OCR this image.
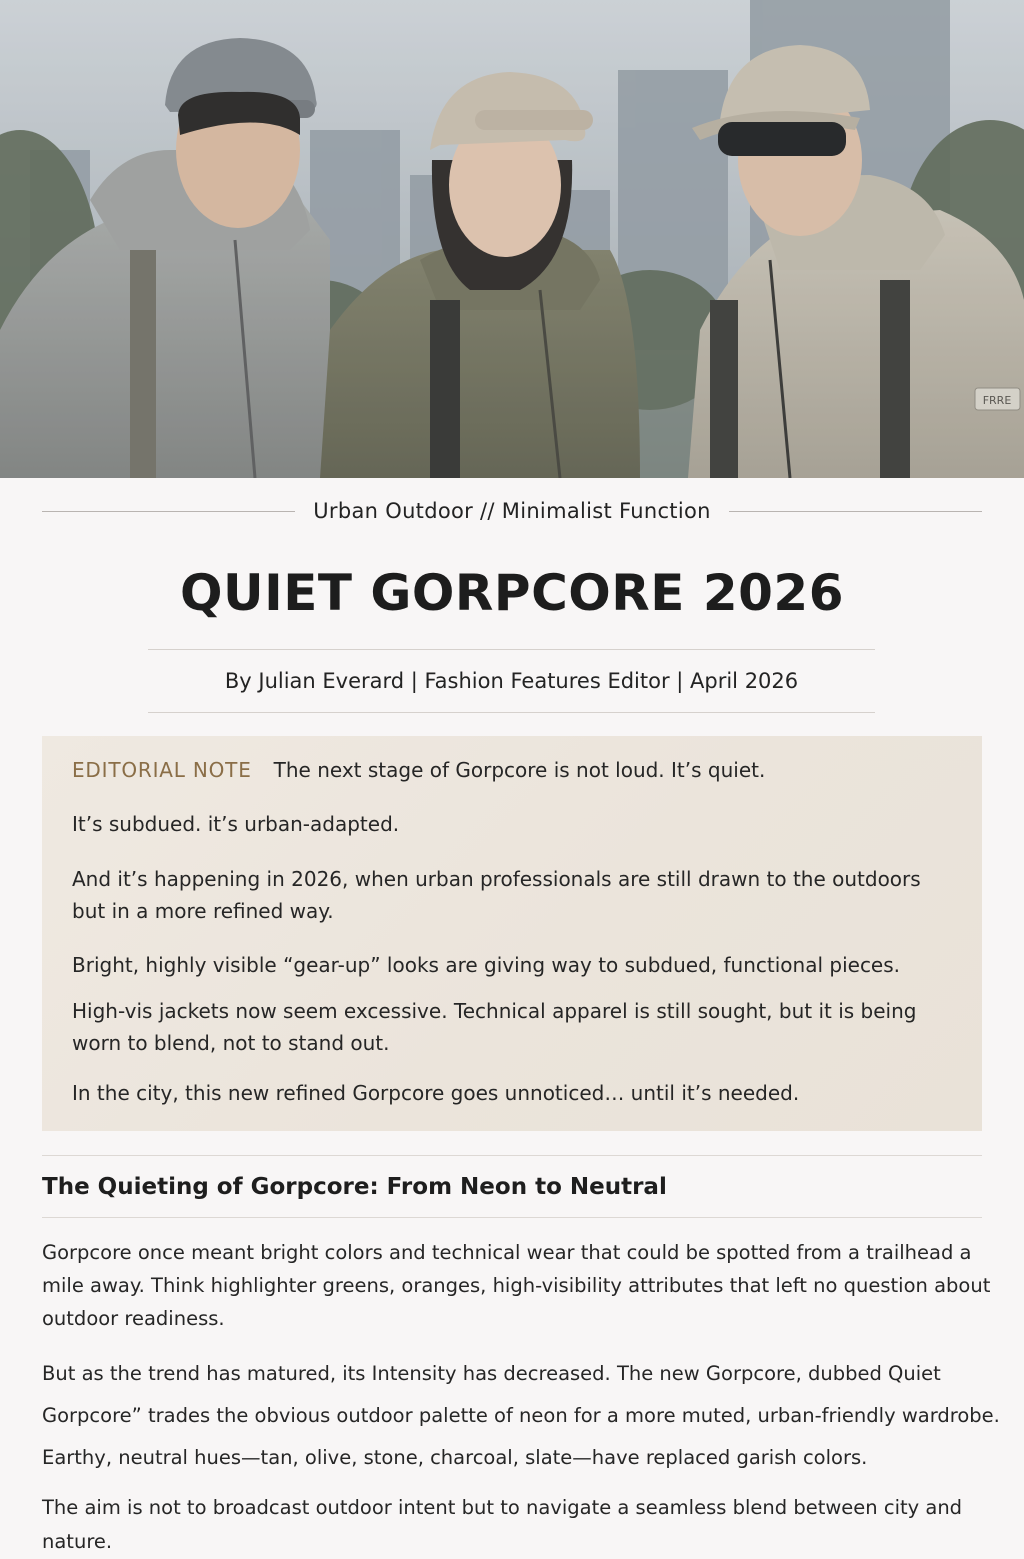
FRRE
Urban Outdoor // Minimalist Function
QUIET GORPCORE 2026
By Julian Everard | Fashion Features Editor | April 2026
EDITORIAL NOTE The next stage of Gorpcore is not loud. It’s quiet.

It’s subdued. it’s urban-adapted.

And it’s happening in 2026, when urban professionals are still drawn to the outdoors but in a more refined way.

Bright, highly visible “gear-up” looks are giving way to subdued, functional pieces.

High-vis jackets now seem excessive. Technical apparel is still sought, but it is being worn to blend, not to stand out.

In the city, this new refined Gorpcore goes unnoticed… until it’s needed.

The Quieting of Gorpcore: From Neon to Neutral

Gorpcore once meant bright colors and technical wear that could be spotted from a trailhead a mile away. Think highlighter greens, oranges, high-visibility attributes that left no question about outdoor readiness.

But as the trend has matured, its Intensity has decreased. The new Gorpcore, dubbed Quiet Gorpcore” trades the obvious outdoor palette of neon for a more muted, urban-friendly wardrobe. Earthy, neutral hues—tan, olive, stone, charcoal, slate—have replaced garish colors.

The aim is not to broadcast outdoor intent but to navigate a seamless blend between city and nature.
